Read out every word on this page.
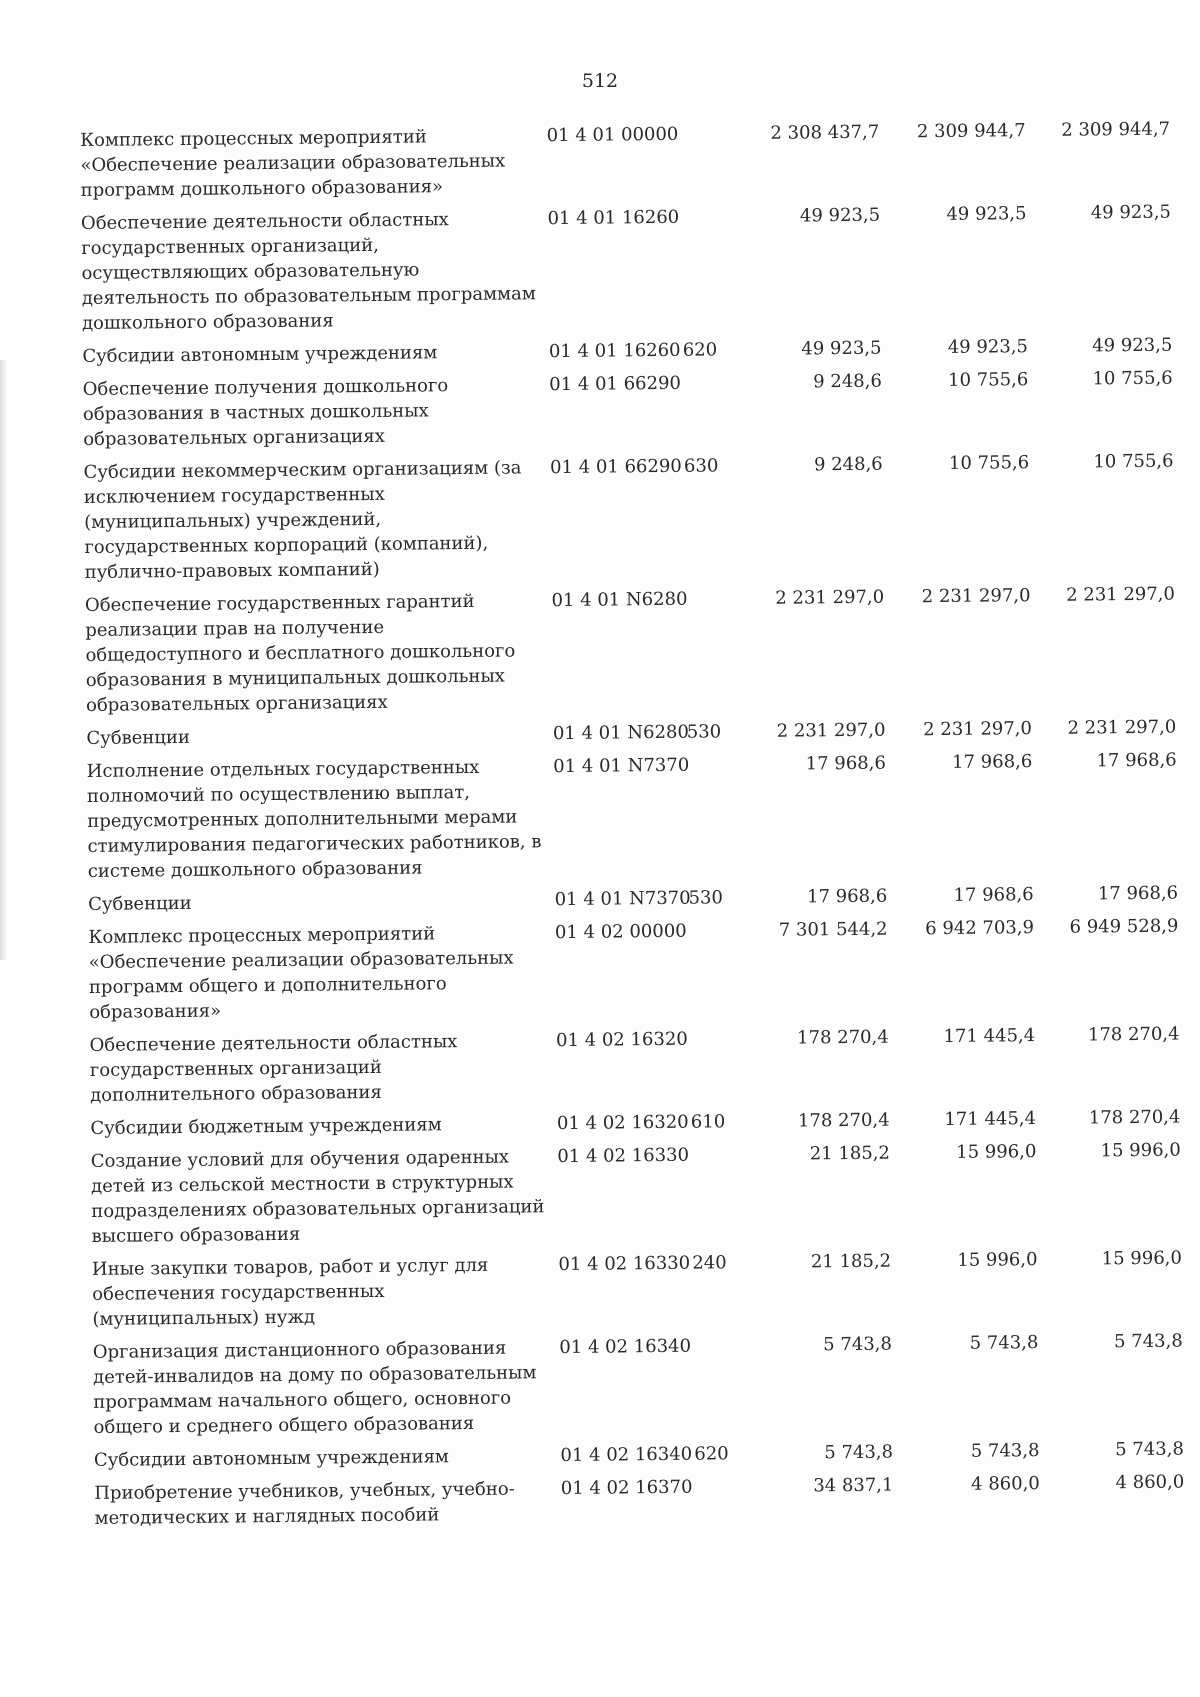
512
Комплекс процессных мероприятий «Обеспечение реализации образовательных программ дошкольного образования»	01 4 01 00000		2 308 437,7	2 309 944,7	2 309 944,7
Обеспечение деятельности областных государственных организаций, осуществляющих образовательную деятельность по образовательным программам дошкольного образования	01 4 01 16260		49 923,5	49 923,5	49 923,5
Субсидии автономным учреждениям	01 4 01 16260	620	49 923,5	49 923,5	49 923,5
Обеспечение получения дошкольного образования в частных дошкольных образовательных организациях	01 4 01 66290		9 248,6	10 755,6	10 755,6
Субсидии некоммерческим организациям (за исключением государственных (муниципальных) учреждений, государственных корпораций (компаний), публично-правовых компаний)	01 4 01 66290	630	9 248,6	10 755,6	10 755,6
Обеспечение государственных гарантий реализации прав на получение общедоступного и бесплатного дошкольного образования в муниципальных дошкольных образовательных организациях	01 4 01 N6280		2 231 297,0	2 231 297,0	2 231 297,0
Субвенции	01 4 01 N6280	530	2 231 297,0	2 231 297,0	2 231 297,0
Исполнение отдельных государственных полномочий по осуществлению выплат, предусмотренных дополнительными мерами стимулирования педагогических работников, в системе дошкольного образования	01 4 01 N7370		17 968,6	17 968,6	17 968,6
Субвенции	01 4 01 N7370	530	17 968,6	17 968,6	17 968,6
Комплекс процессных мероприятий «Обеспечение реализации образовательных программ общего и дополнительного образования»	01 4 02 00000		7 301 544,2	6 942 703,9	6 949 528,9
Обеспечение деятельности областных государственных организаций дополнительного образования	01 4 02 16320		178 270,4	171 445,4	178 270,4
Субсидии бюджетным учреждениям	01 4 02 16320	610	178 270,4	171 445,4	178 270,4
Создание условий для обучения одаренных детей из сельской местности в структурных подразделениях образовательных организаций высшего образования	01 4 02 16330		21 185,2	15 996,0	15 996,0
Иные закупки товаров, работ и услуг для обеспечения государственных (муниципальных) нужд	01 4 02 16330	240	21 185,2	15 996,0	15 996,0
Организация дистанционного образования детей-инвалидов на дому по образовательным программам начального общего, основного общего и среднего общего образования	01 4 02 16340		5 743,8	5 743,8	5 743,8
Субсидии автономным учреждениям	01 4 02 16340	620	5 743,8	5 743,8	5 743,8
Приобретение учебников, учебных, учебно-методических и наглядных пособий	01 4 02 16370		34 837,1	4 860,0	4 860,0
